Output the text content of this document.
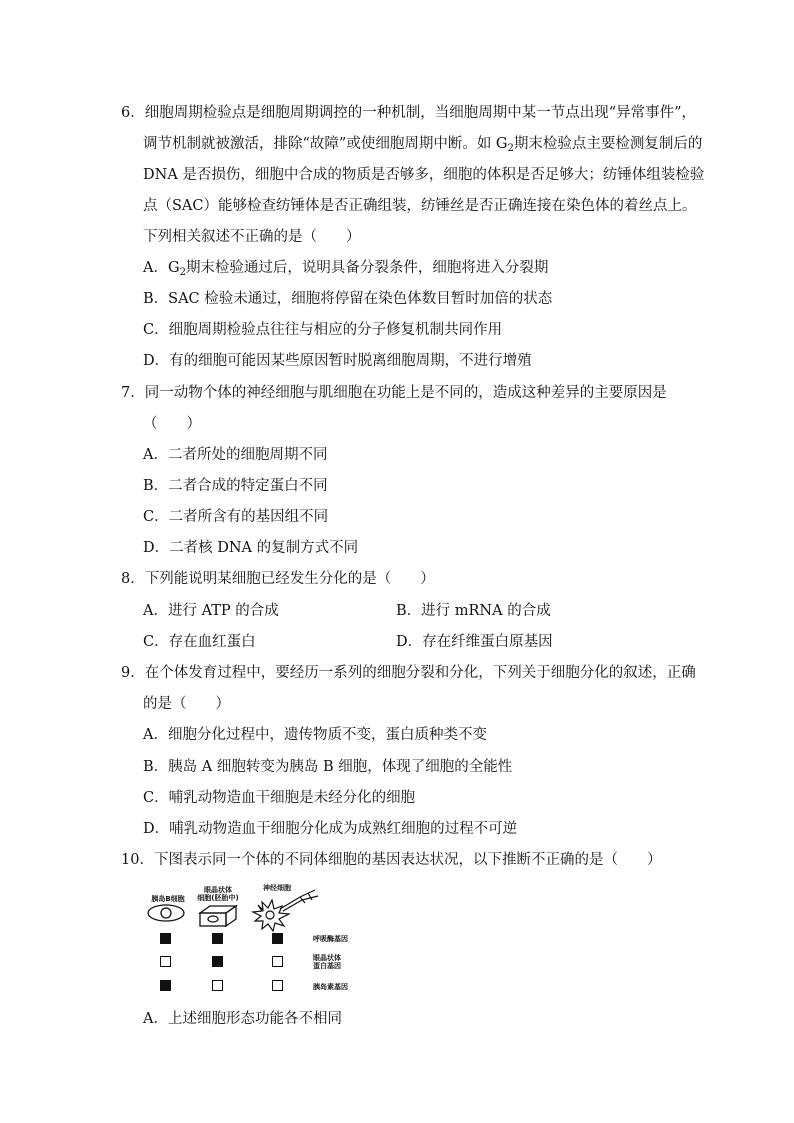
6．细胞周期检验点是细胞周期调控的一种机制，当细胞周期中某一节点出现“异常事件”，
调节机制就被激活，排除“故障”或使细胞周期中断。如 $G_2$期末检验点主要检测复制后的
DNA 是否损伤，细胞中合成的物质是否够多，细胞的体积是否足够大；纺锤体组装检验
点（SAC）能够检查纺锤体是否正确组装，纺锤丝是否正确连接在染色体的着丝点上。
下列相关叙述不正确的是（　　）
A．$G_2$期末检验通过后，说明具备分裂条件，细胞将进入分裂期
B．SAC 检验未通过，细胞将停留在染色体数目暂时加倍的状态
C．细胞周期检验点往往与相应的分子修复机制共同作用
D．有的细胞可能因某些原因暂时脱离细胞周期，不进行增殖
7．同一动物个体的神经细胞与肌细胞在功能上是不同的，造成这种差异的主要原因是
（　　）
A．二者所处的细胞周期不同
B．二者合成的特定蛋白不同
C．二者所含有的基因组不同
D．二者核 DNA 的复制方式不同
8．下列能说明某细胞已经发生分化的是（　　）
A．进行 ATP 的合成	B．进行 mRNA 的合成
C．存在血红蛋白	D．存在纤维蛋白原基因
9．在个体发育过程中，要经历一系列的细胞分裂和分化，下列关于细胞分化的叙述，正确
的是（　　）
A．细胞分化过程中，遗传物质不变，蛋白质种类不变
B．胰岛 A 细胞转变为胰岛 B 细胞，体现了细胞的全能性
C．哺乳动物造血干细胞是未经分化的细胞
D．哺乳动物造血干细胞分化成为成熟红细胞的过程不可逆
10．下图表示同一个体的不同体细胞的基因表达状况，以下推断不正确的是（　　）
胰岛B细胞
眼晶状体
细胞(胚胎中)
神经细胞
呼吸酶基因
眼晶状体
蛋白基因
胰岛素基因
A．上述细胞形态功能各不相同
